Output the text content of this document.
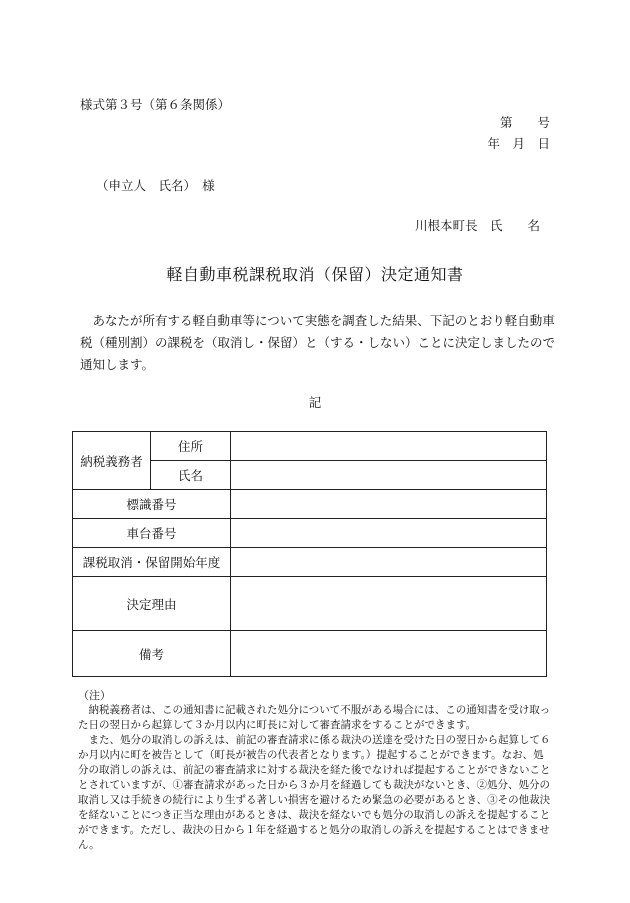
様式第３号（第６条関係）
第　　号
年　月　日
（申立人　氏名）　様
川根本町長　氏　　名
軽自動車税課税取消（保留）決定通知書
あなたが所有する軽自動車等について実態を調査した結果、下記のとおり軽自動車税（種別割）の課税を（取消し・保留）と（する・しない）ことに決定しましたので通知します。
記
納税義務者	住所	
	氏名	
標識番号		
車台番号		
課税取消・保留開始年度		
決定理由		
備考		
（注）
納税義務者は、この通知書に記載された処分について不服がある場合には、この通知書を受け取った日の翌日から起算して３か月以内に町長に対して審査請求をすることができます。
また、処分の取消しの訴えは、前記の審査請求に係る裁決の送達を受けた日の翌日から起算して６か月以内に町を被告として（町長が被告の代表者となります。）提起することができます。なお、処分の取消しの訴えは、前記の審査請求に対する裁決を経た後でなければ提起することができないこととされていますが、①審査請求があった日から３か月を経過しても裁決がないとき、②処分、処分の取消し又は手続きの続行により生ずる著しい損害を避けるため緊急の必要があるとき、③その他裁決を経ないことにつき正当な理由があるときは、裁決を経ないでも処分の取消しの訴えを提起することができます。ただし、裁決の日から１年を経過すると処分の取消しの訴えを提起することはできません。
